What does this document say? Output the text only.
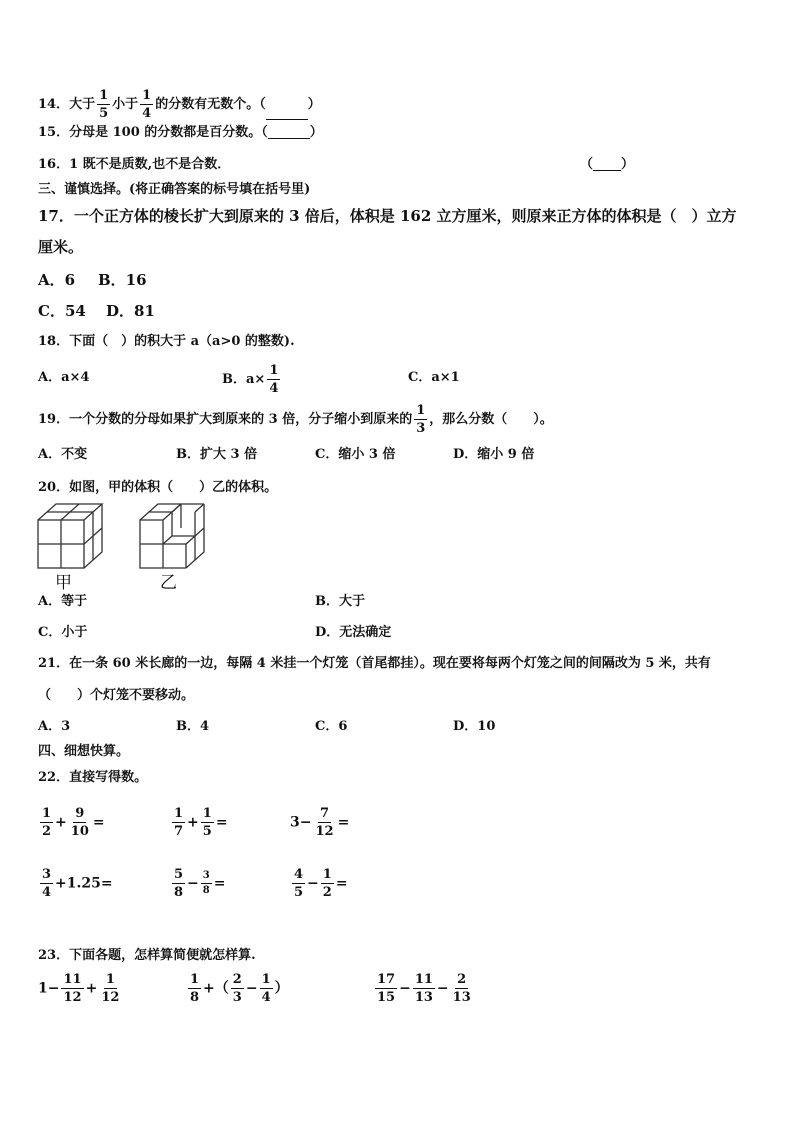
14．大于 $\frac{1}{5}$ 小于 $\frac{1}{4}$ 的分数有无数个。（	）
15．分母是 100 的分数都是百分数。（	）
16．1 既不是质数,也不是合数．	（ ）
三、谨慎选择。(将正确答案的标号填在括号里)
17．一个正方体的棱长扩大到原来的 3 倍后，体积是 162 立方厘米，则原来正方体的体积是（　）立方
厘米。
A．6 B．16
C．54 D．81
18．下面（　）的积大于 a（a>0 的整数).
A．a×4	B．$a\times \frac{1}{4}$	C．a×1
19．一个分数的分母如果扩大到原来的 3 倍，分子缩小到原来的 $\frac{1}{3}$ ，那么分数（　　）。
A．不变	B．扩大 3 倍	C．缩小 3 倍	D．缩小 9 倍
20．如图，甲的体积（　　）乙的体积。
甲	乙
A．等于	B．大于
C．小于	D．无法确定
21．在一条 60 米长廊的一边，每隔 4 米挂一个灯笼（首尾都挂）。现在要将每两个灯笼之间的间隔改为 5 米，共有
（　　）个灯笼不要移动。
A．3	B．4	C．6	D．10
四、细想快算。
22．直接写得数。
$\frac{1}{2} + \frac{9}{10}$ =	$\frac{1}{7} + \frac{1}{5}$ =	$3- \frac{7}{12}$ =
$\frac{3}{4} +1.25=$	$\frac{5}{8} - \frac{3}{8}$ =	$\frac{4}{5} - \frac{1}{2}$ =
23．下面各题，怎样算简便就怎样算.
$1- \frac{11}{12} + \frac{1}{12}$	$\frac{1}{8}$ +（ $\frac{2}{3} - \frac{1}{4}$ ）	$\frac{17}{15} - \frac{11}{13} - \frac{2}{13}$
